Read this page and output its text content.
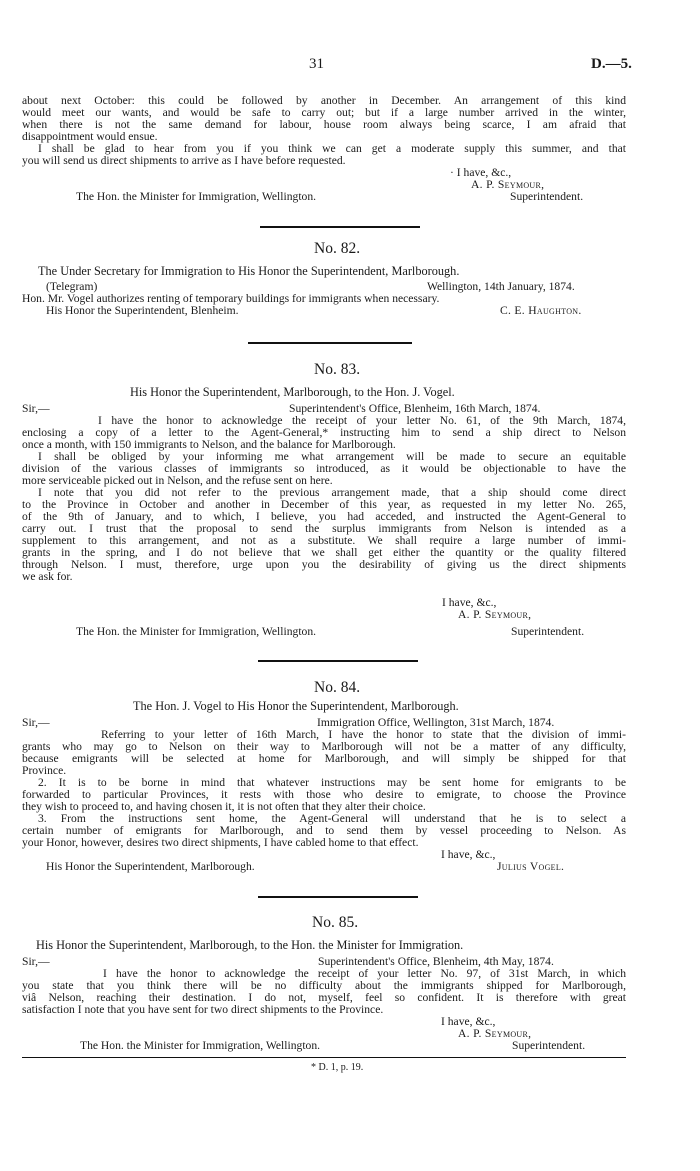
31	D.—5.
about next October: this could be followed by another in December. An arrangement of this kind
would meet our wants, and would be safe to carry out; but if a large number arrived in the winter,
when there is not the same demand for labour, house room always being scarce, I am afraid that
disappointment would ensue.
I shall be glad to hear from you if you think we can get a moderate supply this summer, and that
you will send us direct shipments to arrive as I have before requested.
· I have, &c.,
A. P. Seymour,
The Hon. the Minister for Immigration, Wellington.	Superintendent.
No. 82.
The Under Secretary for Immigration to His Honor the Superintendent, Marlborough.
(Telegram)	Wellington, 14th January, 1874.
Hon. Mr. Vogel authorizes renting of temporary buildings for immigrants when necessary.
His Honor the Superintendent, Blenheim.	C. E. Haughton.
No. 83.
His Honor the Superintendent, Marlborough, to the Hon. J. Vogel.
Sir,—	Superintendent's Office, Blenheim, 16th March, 1874.
I have the honor to acknowledge the receipt of your letter No. 61, of the 9th March, 1874,
enclosing a copy of a letter to the Agent-General,* instructing him to send a ship direct to Nelson
once a month, with 150 immigrants to Nelson, and the balance for Marlborough.
I shall be obliged by your informing me what arrangement will be made to secure an equitable
division of the various classes of immigrants so introduced, as it would be objectionable to have the
more serviceable picked out in Nelson, and the refuse sent on here.
I note that you did not refer to the previous arrangement made, that a ship should come direct
to the Province in October and another in December of this year, as requested in my letter No. 265,
of the 9th of January, and to which, I believe, you had acceded, and instructed the Agent-General to
carry out. I trust that the proposal to send the surplus immigrants from Nelson is intended as a
supplement to this arrangement, and not as a substitute. We shall require a large number of immi-
grants in the spring, and I do not believe that we shall get either the quantity or the quality filtered
through Nelson. I must, therefore, urge upon you the desirability of giving us the direct shipments
we ask for.
I have, &c.,
A. P. Seymour,
The Hon. the Minister for Immigration, Wellington.	Superintendent.
No. 84.
The Hon. J. Vogel to His Honor the Superintendent, Marlborough.
Sir,—	Immigration Office, Wellington, 31st March, 1874.
Referring to your letter of 16th March, I have the honor to state that the division of immi-
grants who may go to Nelson on their way to Marlborough will not be a matter of any difficulty,
because emigrants will be selected at home for Marlborough, and will simply be shipped for that
Province.
2. It is to be borne in mind that whatever instructions may be sent home for emigrants to be
forwarded to particular Provinces, it rests with those who desire to emigrate, to choose the Province
they wish to proceed to, and having chosen it, it is not often that they alter their choice.
3. From the instructions sent home, the Agent-General will understand that he is to select a
certain number of emigrants for Marlborough, and to send them by vessel proceeding to Nelson. As
your Honor, however, desires two direct shipments, I have cabled home to that effect.
I have, &c.,
His Honor the Superintendent, Marlborough.	Julius Vogel.
No. 85.
His Honor the Superintendent, Marlborough, to the Hon. the Minister for Immigration.
Sir,—	Superintendent's Office, Blenheim, 4th May, 1874.
I have the honor to acknowledge the receipt of your letter No. 97, of 31st March, in which
you state that you think there will be no difficulty about the immigrants shipped for Marlborough,
viâ Nelson, reaching their destination. I do not, myself, feel so confident. It is therefore with great
satisfaction I note that you have sent for two direct shipments to the Province.
I have, &c.,
A. P. Seymour,
The Hon. the Minister for Immigration, Wellington.	Superintendent.
* D. 1, p. 19.
